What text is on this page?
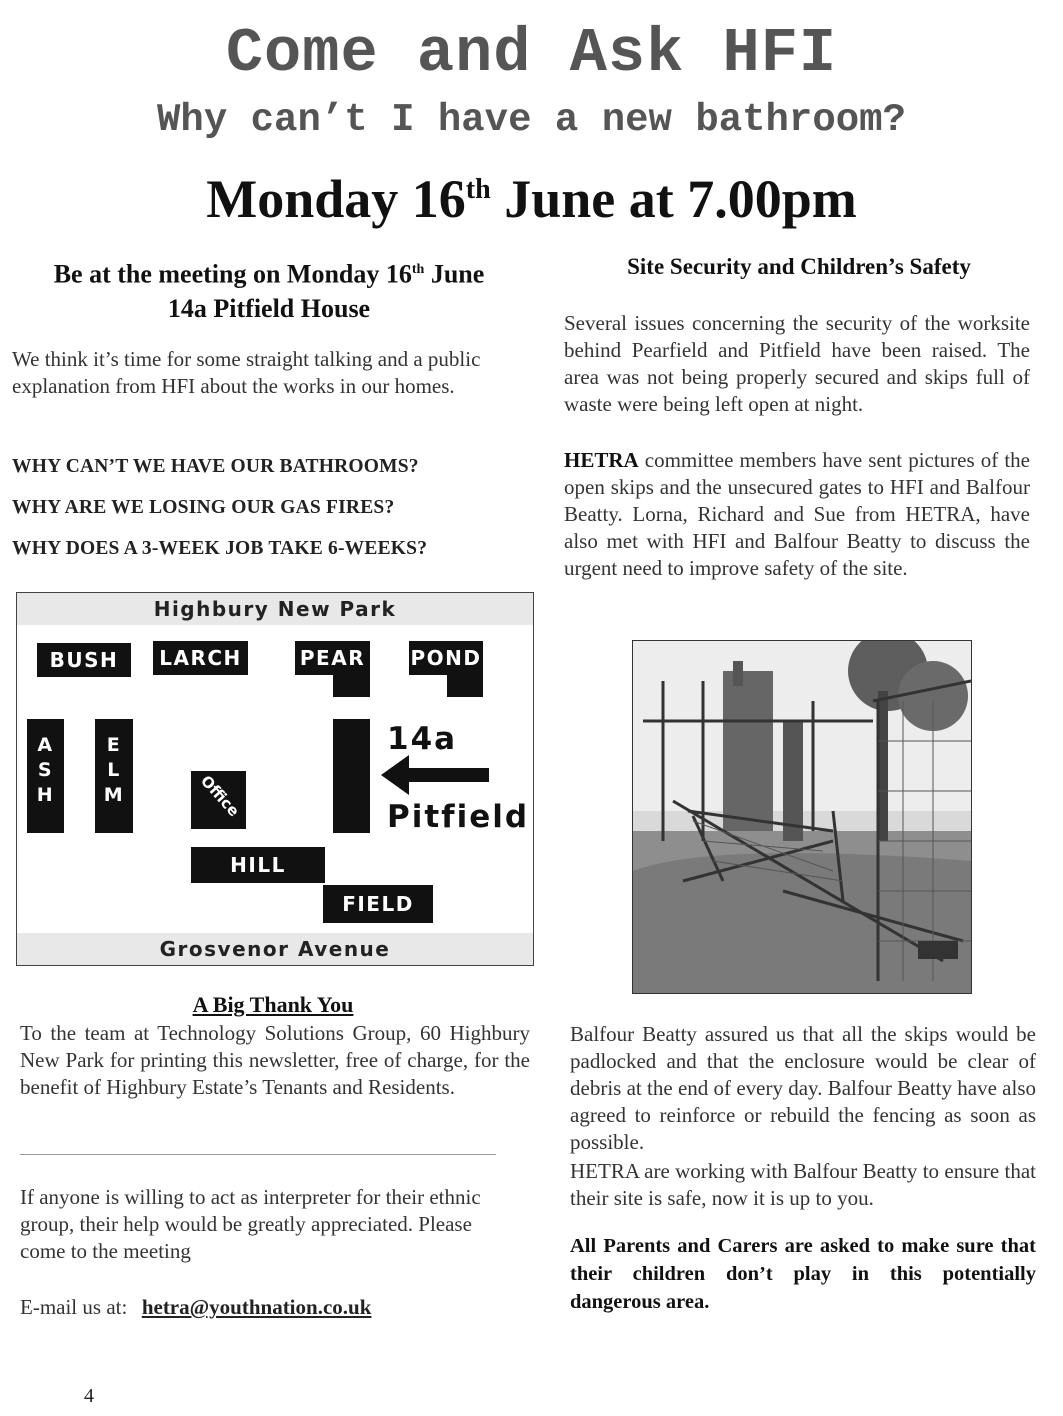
Come and Ask HFI
Why can’t I have a new bathroom?
Monday 16th June at 7.00pm
Be at the meeting on Monday 16th June
14a Pitfield House
We think it’s time for some straight talking and a public explanation from HFI about the works in our homes.
WHY CAN’T WE HAVE OUR BATHROOMS?
WHY ARE WE LOSING OUR GAS FIRES?
WHY DOES A 3-WEEK JOB TAKE 6-WEEKS?
Highbury New Park
Grosvenor Avenue
BUSH	LARCH	PEAR POND
A S H
E L M	Office
14a
Pitfield
HILL
FIELD
A Big Thank You
To the team at Technology Solutions Group, 60 Highbury New Park for printing this newsletter, free of charge, for the benefit of Highbury Estate’s Tenants and Residents.
If anyone is willing to act as interpreter for their ethnic group, their help would be greatly appreciated. Please come to the meeting
E-mail us at: hetra@youthnation.co.uk
Site Security and Children’s Safety
Several issues concerning the security of the worksite behind Pearfield and Pitfield have been raised. The area was not being properly secured and skips full of waste were being left open at night.
HETRA committee members have sent pictures of the open skips and the unsecured gates to HFI and Balfour Beatty. Lorna, Richard and Sue from HETRA, have also met with HFI and Balfour Beatty to discuss the urgent need to improve safety of the site.
Balfour Beatty assured us that all the skips would be padlocked and that the enclosure would be clear of debris at the end of every day. Balfour Beatty have also agreed to reinforce or rebuild the fencing as soon as possible.
HETRA are working with Balfour Beatty to ensure that their site is safe, now it is up to you.
All Parents and Carers are asked to make sure that their children don’t play in this potentially dangerous area.
4
